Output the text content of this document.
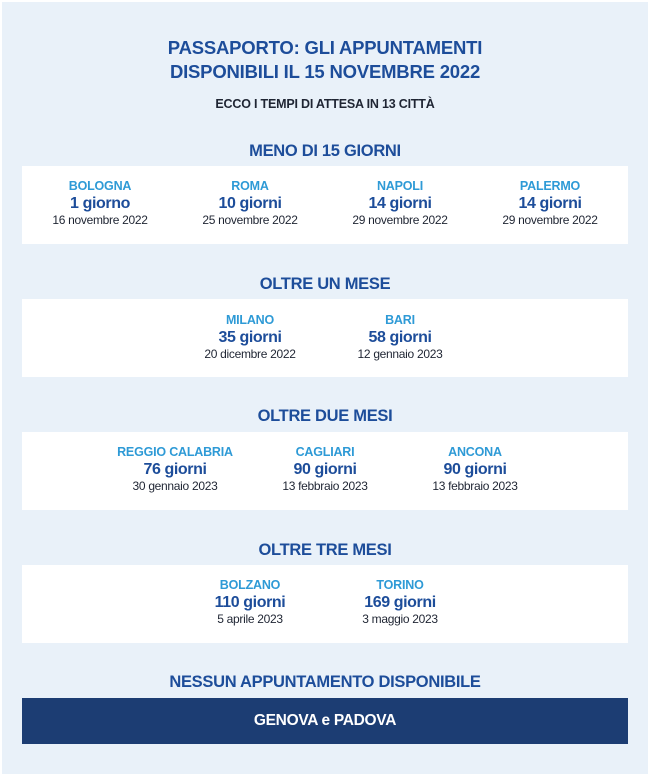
PASSAPORTO: GLI APPUNTAMENTI
DISPONIBILI IL 15 NOVEMBRE 2022
ECCO I TEMPI DI ATTESA IN 13 CITTÀ
MENO DI 15 GIORNI
BOLOGNA
1 giorno
16 novembre 2022
ROMA
10 giorni
25 novembre 2022
NAPOLI
14 giorni
29 novembre 2022
PALERMO
14 giorni
29 novembre 2022
OLTRE UN MESE
MILANO
35 giorni
20 dicembre 2022
BARI
58 giorni
12 gennaio 2023
OLTRE DUE MESI
REGGIO CALABRIA
76 giorni
30 gennaio 2023
CAGLIARI
90 giorni
13 febbraio 2023
ANCONA
90 giorni
13 febbraio 2023
OLTRE TRE MESI
BOLZANO
110 giorni
5 aprile 2023
TORINO
169 giorni
3 maggio 2023
NESSUN APPUNTAMENTO DISPONIBILE
GENOVA e PADOVA
